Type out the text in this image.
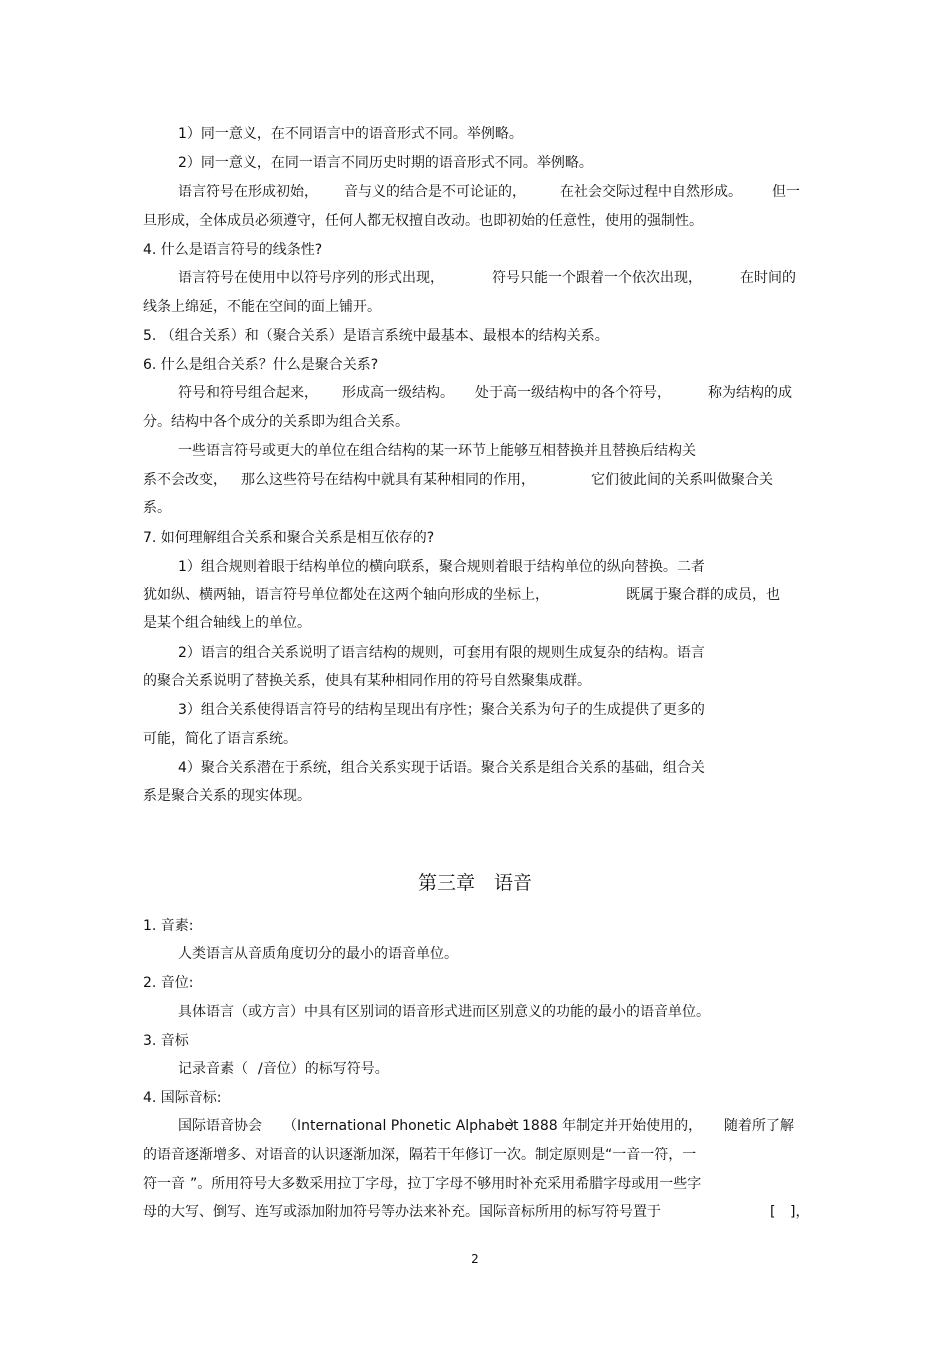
1）同一意义，在不同语言中的语音形式不同。举例略。
2）同一意义，在同一语言不同历史时期的语音形式不同。举例略。
语言符号在形成初始， 音与义的结合是不可论证的， 在社会交际过程中自然形成。 但一
旦形成，全体成员必须遵守，任何人都无权擅自改动。也即初始的任意性，使用的强制性。
4. 什么是语言符号的线条性?
语言符号在使用中以符号序列的形式出现，	符号只能一个跟着一个依次出现，	在时间的
线条上绵延，不能在空间的面上铺开。
5. （组合关系）和（聚合关系）是语言系统中最基本、最根本的结构关系。
6. 什么是组合关系？什么是聚合关系?
符号和符号组合起来， 形成高一级结构。 处于高一级结构中的各个符号，	称为结构的成
分。结构中各个成分的关系即为组合关系。
一些语言符号或更大的单位在组合结构的某一环节上能够互相替换并且替换后结构关
系不会改变， 那么这些符号在结构中就具有某种相同的作用，	它们彼此间的关系叫做聚合关
系。
7. 如何理解组合关系和聚合关系是相互依存的?
1）组合规则着眼于结构单位的横向联系，聚合规则着眼于结构单位的纵向替换。二者
犹如纵、横两轴，语言符号单位都处在这两个轴向形成的坐标上，	既属于聚合群的成员，也
是某个组合轴线上的单位。
2）语言的组合关系说明了语言结构的规则，可套用有限的规则生成复杂的结构。语言
的聚合关系说明了替换关系，使具有某种相同作用的符号自然聚集成群。
3）组合关系使得语言符号的结构呈现出有序性；聚合关系为句子的生成提供了更多的
可能，简化了语言系统。
4）聚合关系潜在于系统，组合关系实现于话语。聚合关系是组合关系的基础，组合关
系是聚合关系的现实体现。
第三章　语音
1. 音素:
人类语言从音质角度切分的最小的语音单位。
2. 音位:
具体语言（或方言）中具有区别词的语音形式进而区别意义的功能的最小的语音单位。
3. 音标
记录音素（ /音位）的标写符号。
4. 国际音标:
国际语音协会 （International Phonetic Alphabet
）1888 年制定并开始使用的， 随着所了解
的语音逐渐增多、对语音的认识逐渐加深，隔若干年修订一次。制定原则是“一音一符，一
符一音 ”。所用符号大多数采用拉丁字母，拉丁字母不够用时补充采用希腊字母或用一些字
母的大写、倒写、连写或添加附加符号等办法来补充。国际音标所用的标写符号置于	[ ]，
2
